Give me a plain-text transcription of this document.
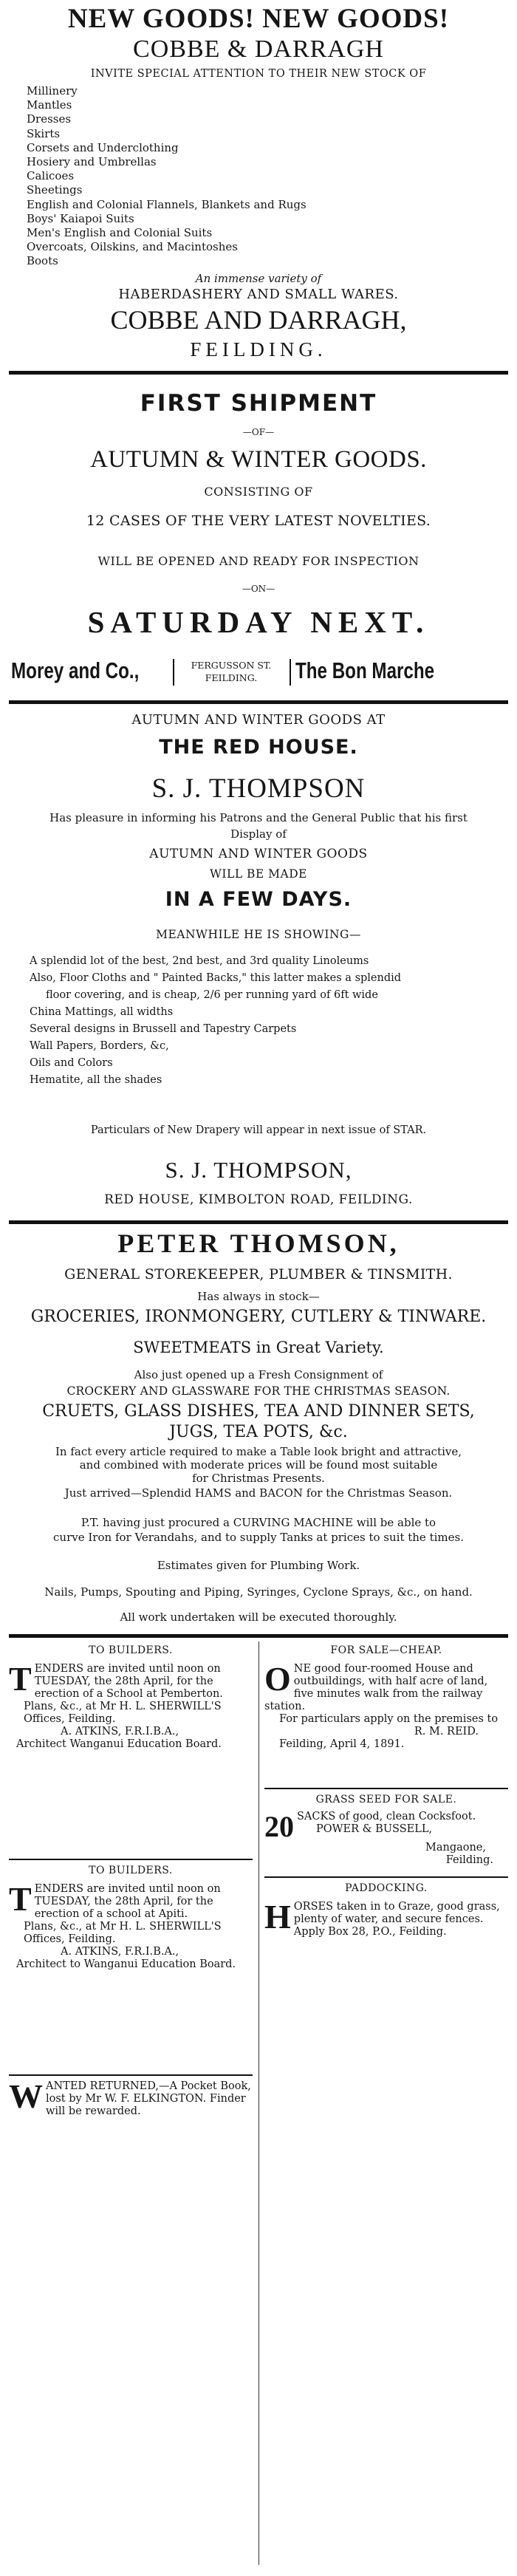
NEW GOODS! NEW GOODS!
COBBE & DARRAGH
INVITE SPECIAL ATTENTION TO THEIR NEW STOCK OF
Millinery
Mantles
Dresses
Skirts
Corsets and Underclothing
Hosiery and Umbrellas
Calicoes
Sheetings
English and Colonial Flannels, Blankets and Rugs
Boys' Kaiapoi Suits
Men's English and Colonial Suits
Overcoats, Oilskins, and Macintoshes
Boots
An immense variety of
HABERDASHERY AND SMALL WARES.
COBBE AND DARRAGH,
FEILDING.
FIRST SHIPMENT
—OF—
AUTUMN & WINTER GOODS.
CONSISTING OF
12 CASES OF THE VERY LATEST NOVELTIES.
WILL BE OPENED AND READY FOR INSPECTION
—ON—
SATURDAY NEXT.
Morey and Co.,	FERGUSSON ST.
FEILDING.	The Bon Marche
AUTUMN AND WINTER GOODS AT
THE RED HOUSE.
S. J. THOMPSON
Has pleasure in informing his Patrons and the General Public that his first
Display of
AUTUMN AND WINTER GOODS
WILL BE MADE
IN A FEW DAYS.
MEANWHILE HE IS SHOWING—
A splendid lot of the best, 2nd best, and 3rd quality Linoleums
Also, Floor Cloths and " Painted Backs," this latter makes a splendid
floor covering, and is cheap, 2/6 per running yard of 6ft wide
China Mattings, all widths
Several designs in Brussell and Tapestry Carpets
Wall Papers, Borders, &c,
Oils and Colors
Hematite, all the shades
Particulars of New Drapery will appear in next issue of STAR.
S. J. THOMPSON,
RED HOUSE, KIMBOLTON ROAD, FEILDING.
PETER THOMSON,
GENERAL STOREKEEPER, PLUMBER & TINSMITH.
Has always in stock—
GROCERIES, IRONMONGERY, CUTLERY & TINWARE.
SWEETMEATS in Great Variety.
Also just opened up a Fresh Consignment of
CROCKERY AND GLASSWARE FOR THE CHRISTMAS SEASON.
CRUETS, GLASS DISHES, TEA AND DINNER SETS,
JUGS, TEA POTS, &c.
In fact every article required to make a Table look bright and attractive,
and combined with moderate prices will be found most suitable
for Christmas Presents.
Just arrived—Splendid HAMS and BACON for the Christmas Season.
P.T. having just procured a CURVING MACHINE will be able to
curve Iron for Verandahs, and to supply Tanks at prices to suit the times.
Estimates given for Plumbing Work.
Nails, Pumps, Spouting and Piping, Syringes, Cyclone Sprays, &c., on hand.
All work undertaken will be executed thoroughly.
TO BUILDERS.
T ENDERS are invited until noon on TUESDAY, the 28th April, for the erection of a School at Pemberton.
Plans, &c., at Mr H. L. SHERWILL'S Offices, Feilding.
A. ATKINS, F.R.I.B.A.,
Architect Wanganui Education Board.
TO BUILDERS.
T ENDERS are invited until noon on TUESDAY, the 28th April, for the erection of a school at Apiti.
Plans, &c., at Mr H. L. SHERWILL'S Offices, Feilding.
A. ATKINS, F.R.I.B.A.,
Architect to Wanganui Education Board.
W ANTED RETURNED,—A Pocket Book, lost by Mr W. F. ELKINGTON. Finder will be rewarded.
FOR SALE—CHEAP.
O NE good four-roomed House and outbuildings, with half acre of land, five minutes walk from the railway station.
For particulars apply on the premises to
R. M. REID.
Feilding, April 4, 1891.
GRASS SEED FOR SALE.
20 SACKS of good, clean Cocksfoot.
POWER & BUSSELL,
Mangaone,
Feilding.
PADDOCKING.
H ORSES taken in to Graze, good grass, plenty of water, and secure fences. Apply Box 28, P.O., Feilding.
